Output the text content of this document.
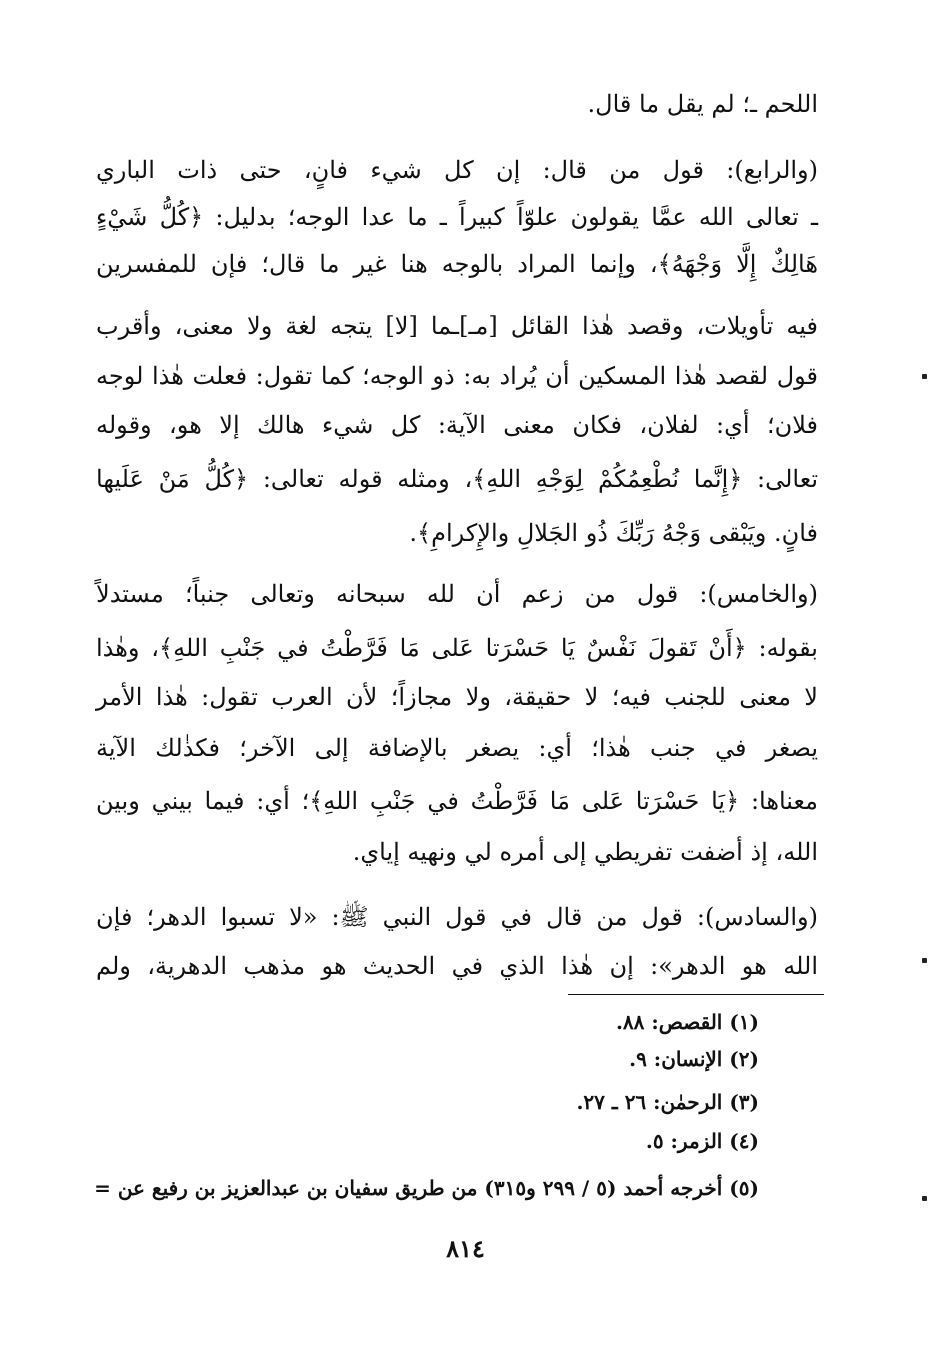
اللحم ـ؛ لم يقل ما قال.
(والرابع): قول من قال: إن كل شيء فانٍ، حتى ذات الباري
ـ تعالى الله عمَّا يقولون علوّاً كبيراً ـ ما عدا الوجه؛ بدليل: ﴿كُلُّ شَيْءٍ
هَالِكٌ إِلَّا وَجْهَهُ﴾، وإنما المراد بالوجه هنا غير ما قال؛ فإن للمفسرين
فيه تأويلات، وقصد هٰذا القائل [مـ]ـما [لا] يتجه لغة ولا معنى، وأقرب
قول لقصد هٰذا المسكين أن يُراد به: ذو الوجه؛ كما تقول: فعلت هٰذا لوجه
فلان؛ أي: لفلان، فكان معنى الآية: كل شيء هالك إلا هو، وقوله
تعالى: ﴿إِنَّما نُطْعِمُكُمْ لِوَجْهِ اللهِ﴾، ومثله قوله تعالى: ﴿كُلُّ مَنْ عَلَيها
فانٍ. ويَبْقى وَجْهُ رَبِّكَ ذُو الجَلالِ والإِكرامِ﴾.
(والخامس): قول من زعم أن لله سبحانه وتعالى جنباً؛ مستدلاً
بقوله: ﴿أَنْ تَقولَ نَفْسٌ يَا حَسْرَتا عَلى مَا فَرَّطْتُ في جَنْبِ اللهِ﴾، وهٰذا
لا معنى للجنب فيه؛ لا حقيقة، ولا مجازاً؛ لأن العرب تقول: هٰذا الأمر
يصغر في جنب هٰذا؛ أي: يصغر بالإضافة إلى الآخر؛ فكذٰلك الآية
معناها: ﴿يَا حَسْرَتا عَلى مَا فَرَّطْتُ في جَنْبِ اللهِ﴾؛ أي: فيما بيني وبين
الله، إذ أضفت تفريطي إلى أمره لي ونهيه إياي.
(والسادس): قول من قال في قول النبي ﷺ: «لا تسبوا الدهر؛ فإن
الله هو الدهر»: إن هٰذا الذي في الحديث هو مذهب الدهرية، ولم
(١) القصص: ٨٨.
(٢) الإنسان: ٩.
(٣) الرحمٰن: ٢٦ ـ ٢٧.
(٤) الزمر: ٥.
(٥) أخرجه أحمد (٥ / ٢٩٩ و٣١٥) من طريق سفيان بن عبدالعزيز بن رفيع عن =
٨١٤
